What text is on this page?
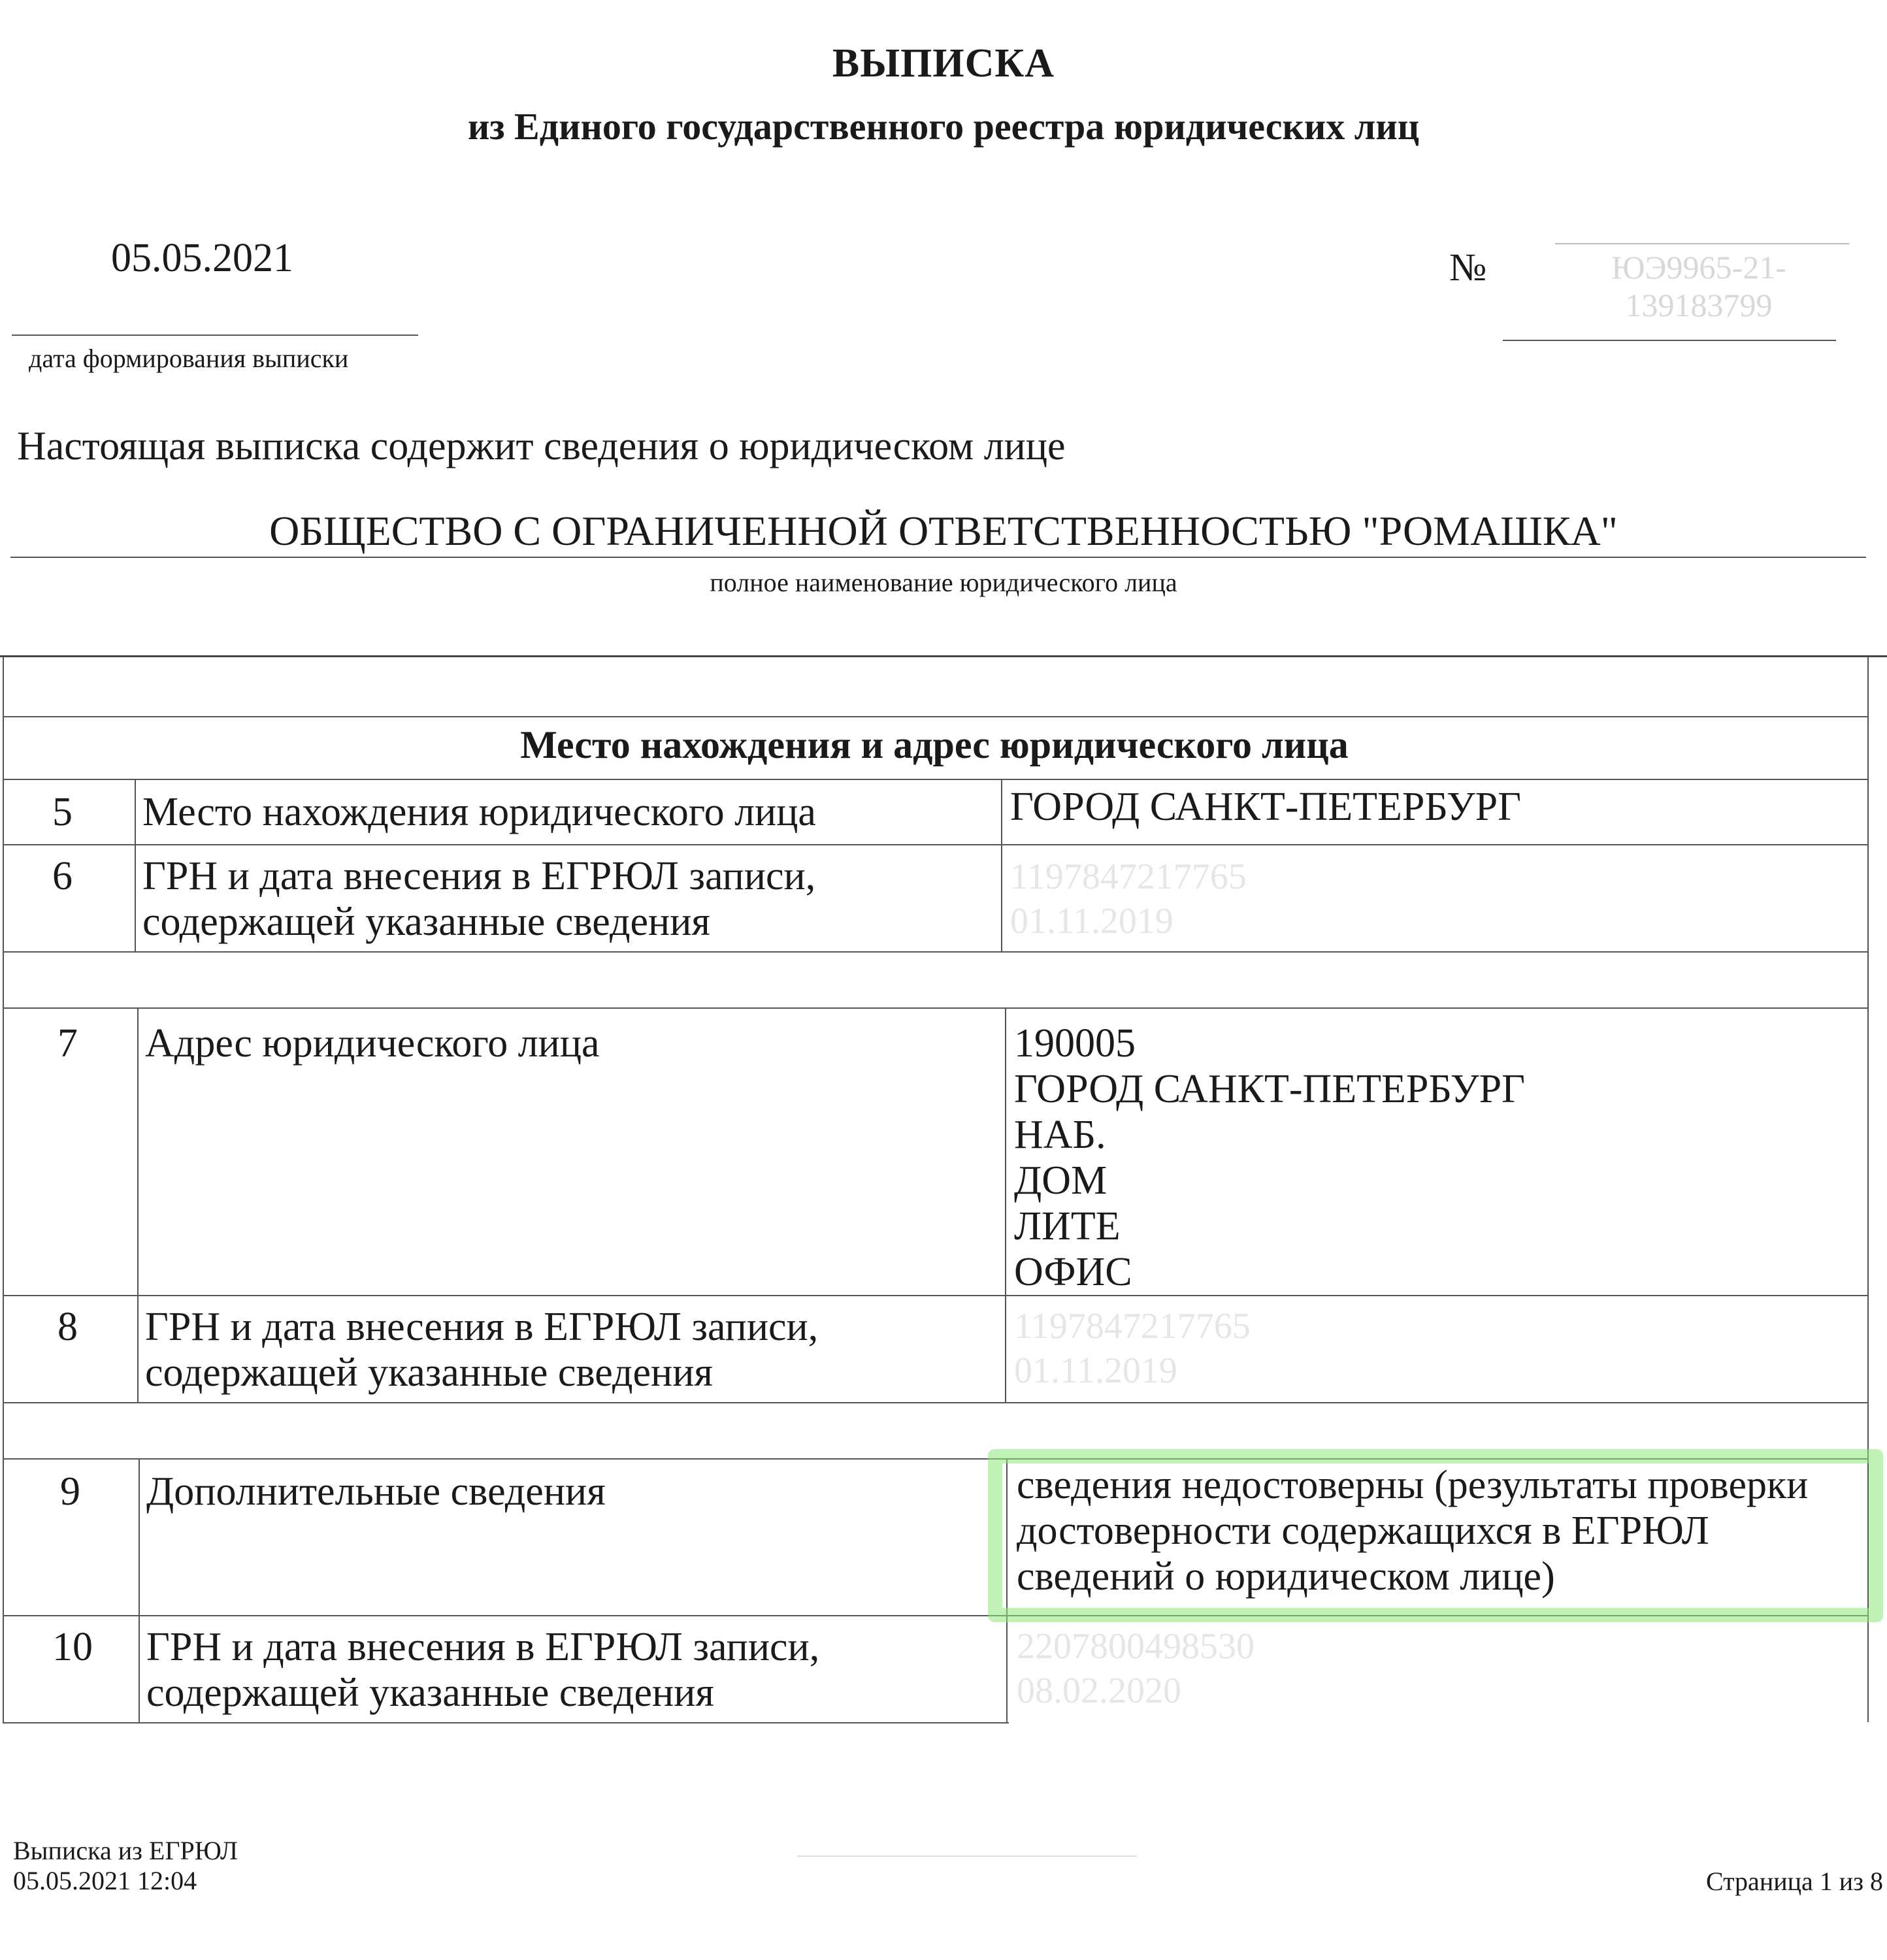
ВЫПИСКА
из Единого государственного реестра юридических лиц
05.05.2021
дата формирования выписки
№	ЮЭ9965-21-
139183799
Настоящая выписка содержит сведения о юридическом лице
ОБЩЕСТВО С ОГРАНИЧЕННОЙ ОТВЕТСТВЕННОСТЬЮ "РОМАШКА"
полное наименование юридического лица
Место нахождения и адрес юридического лица
5 Место нахождения юридического лица	ГОРОД САНКТ-ПЕТЕРБУРГ
6 ГРН и дата внесения в ЕГРЮЛ записи, содержащей указанные сведения
1197847217765
01.11.2019
7 Адрес юридического лица	190005
ГОРОД САНКТ-ПЕТЕРБУРГ
НАБ.
ДОМ
ЛИТЕ
ОФИС
8 ГРН и дата внесения в ЕГРЮЛ записи, содержащей указанные сведения
1197847217765
01.11.2019
9 Дополнительные сведения	сведения недостоверны (результаты проверки достоверности содержащихся в ЕГРЮЛ сведений о юридическом лице)
10 ГРН и дата внесения в ЕГРЮЛ записи, содержащей указанные сведения
2207800498530
08.02.2020
Выписка из ЕГРЮЛ
05.05.2021 12:04	Страница 1 из 8
